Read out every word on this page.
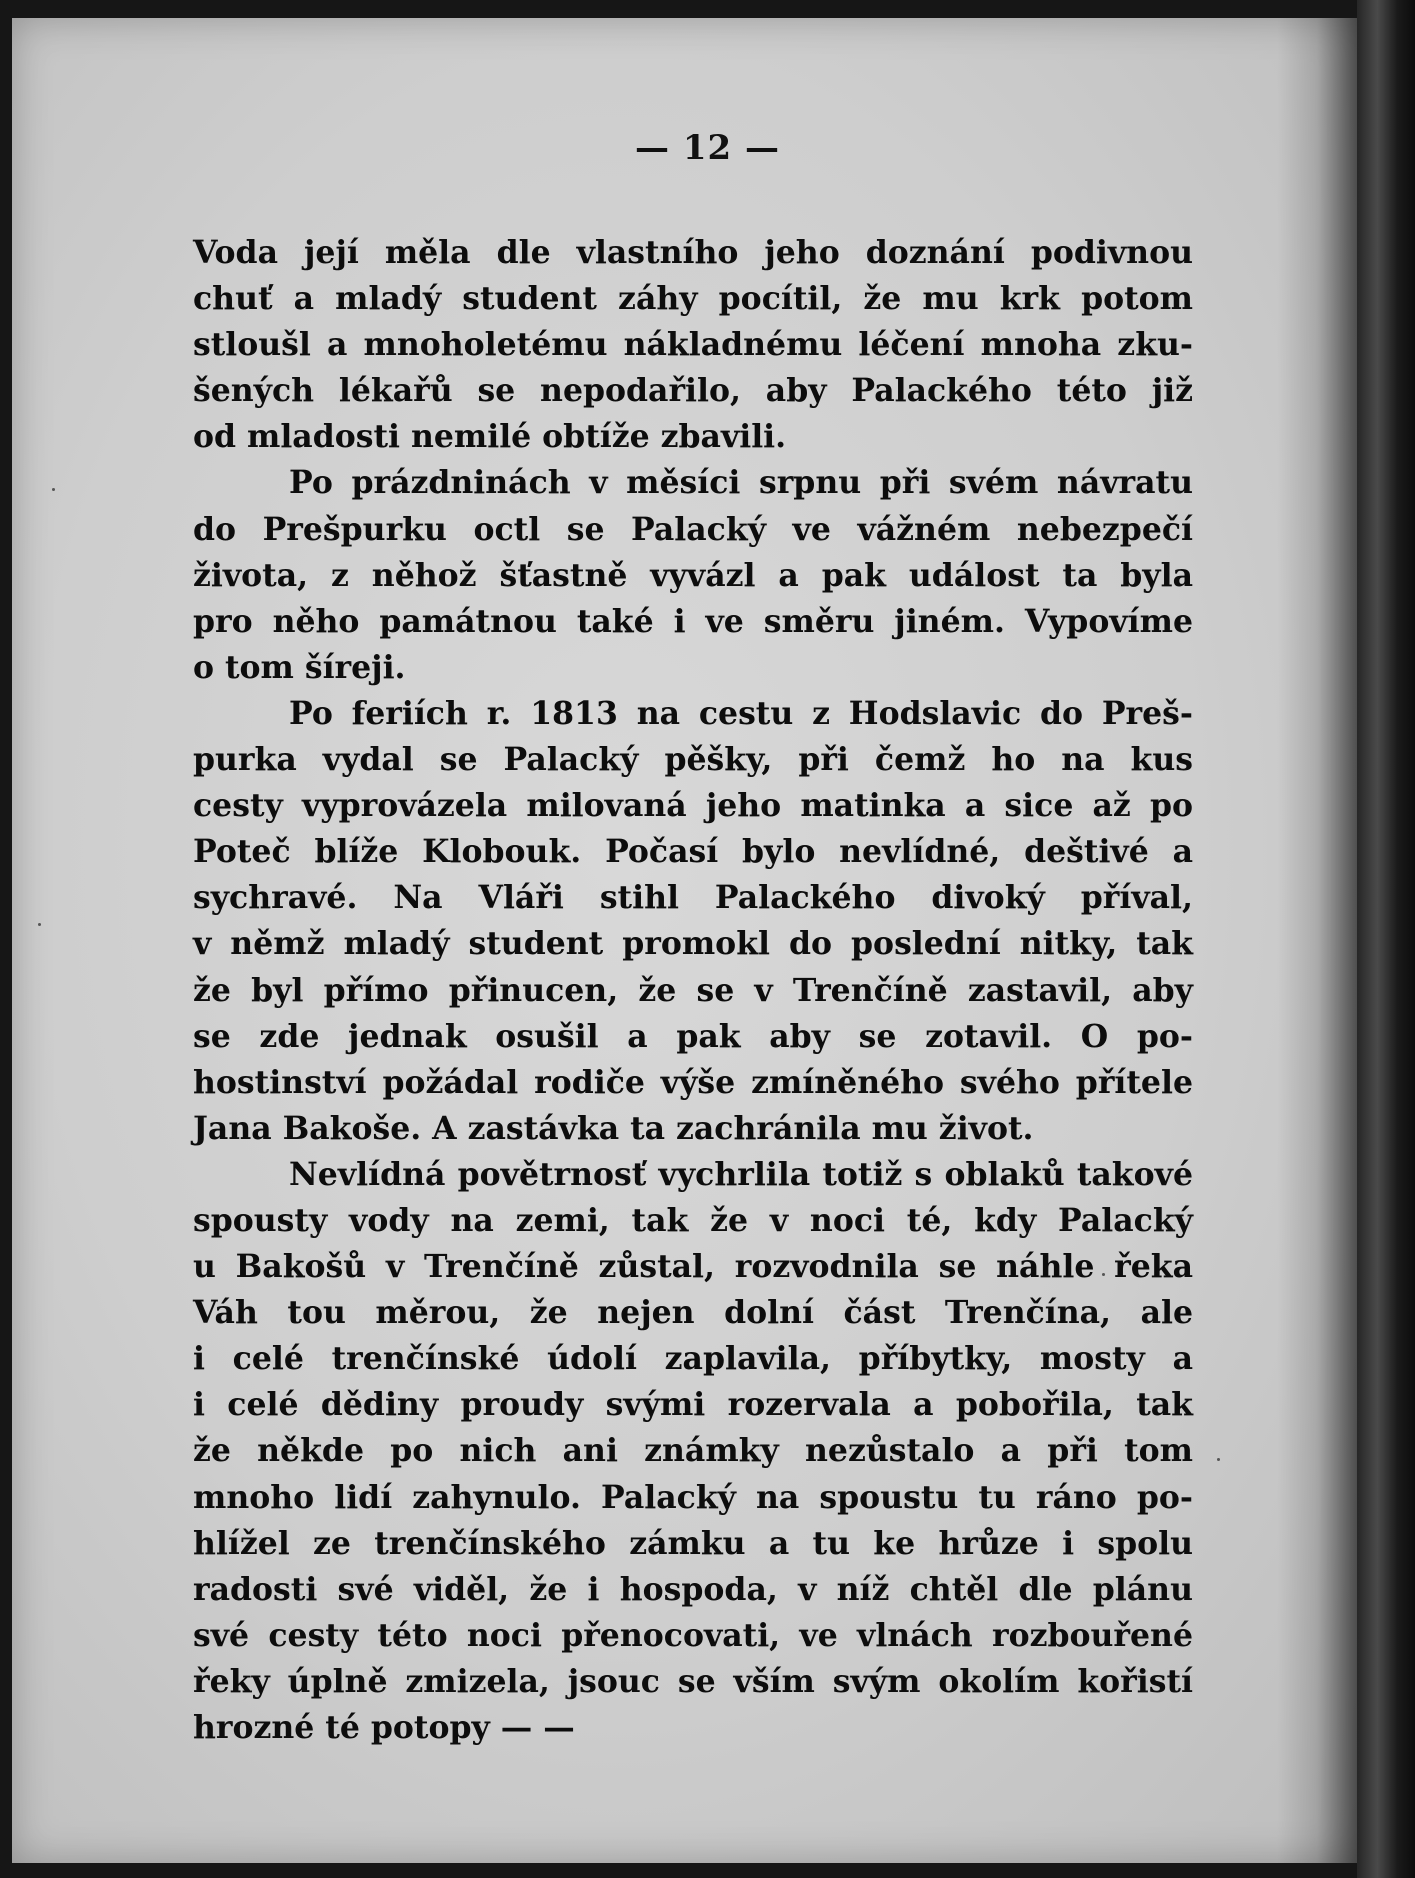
— 12 —
Voda její měla dle vlastního jeho doznání podivnou
chuť a mladý student záhy pocítil, že mu krk potom
stloušl a mnoholetému nákladnému léčení mnoha zku-
šených lékařů se nepodařilo, aby Palackého této již
od mladosti nemilé obtíže zbavili.
Po prázdninách v měsíci srpnu při svém návratu
do Prešpurku octl se Palacký ve vážném nebezpečí
života, z něhož šťastně vyvázl a pak událost ta byla
pro něho památnou také i ve směru jiném. Vypovíme
o tom šíreji.
Po feriích r. 1813 na cestu z Hodslavic do Preš-
purka vydal se Palacký pěšky, při čemž ho na kus
cesty vyprovázela milovaná jeho matinka a sice až po
Poteč blíže Klobouk. Počasí bylo nevlídné, deštivé a
sychravé. Na Vláři stihl Palackého divoký příval,
v němž mladý student promokl do poslední nitky, tak
že byl přímo přinucen, že se v Trenčíně zastavil, aby
se zde jednak osušil a pak aby se zotavil. O po-
hostinství požádal rodiče výše zmíněného svého přítele
Jana Bakoše. A zastávka ta zachránila mu život.
Nevlídná povětrnosť vychrlila totiž s oblaků takové
spousty vody na zemi, tak že v noci té, kdy Palacký
u Bakošů v Trenčíně zůstal, rozvodnila se náhle řeka
Váh tou měrou, že nejen dolní část Trenčína, ale
i celé trenčínské údolí zaplavila, příbytky, mosty a
i celé dědiny proudy svými rozervala a pobořila, tak
že někde po nich ani známky nezůstalo a při tom
mnoho lidí zahynulo. Palacký na spoustu tu ráno po-
hlížel ze trenčínského zámku a tu ke hrůze i spolu
radosti své viděl, že i hospoda, v níž chtěl dle plánu
své cesty této noci přenocovati, ve vlnách rozbouřené
řeky úplně zmizela, jsouc se vším svým okolím kořistí
hrozné té potopy — —
